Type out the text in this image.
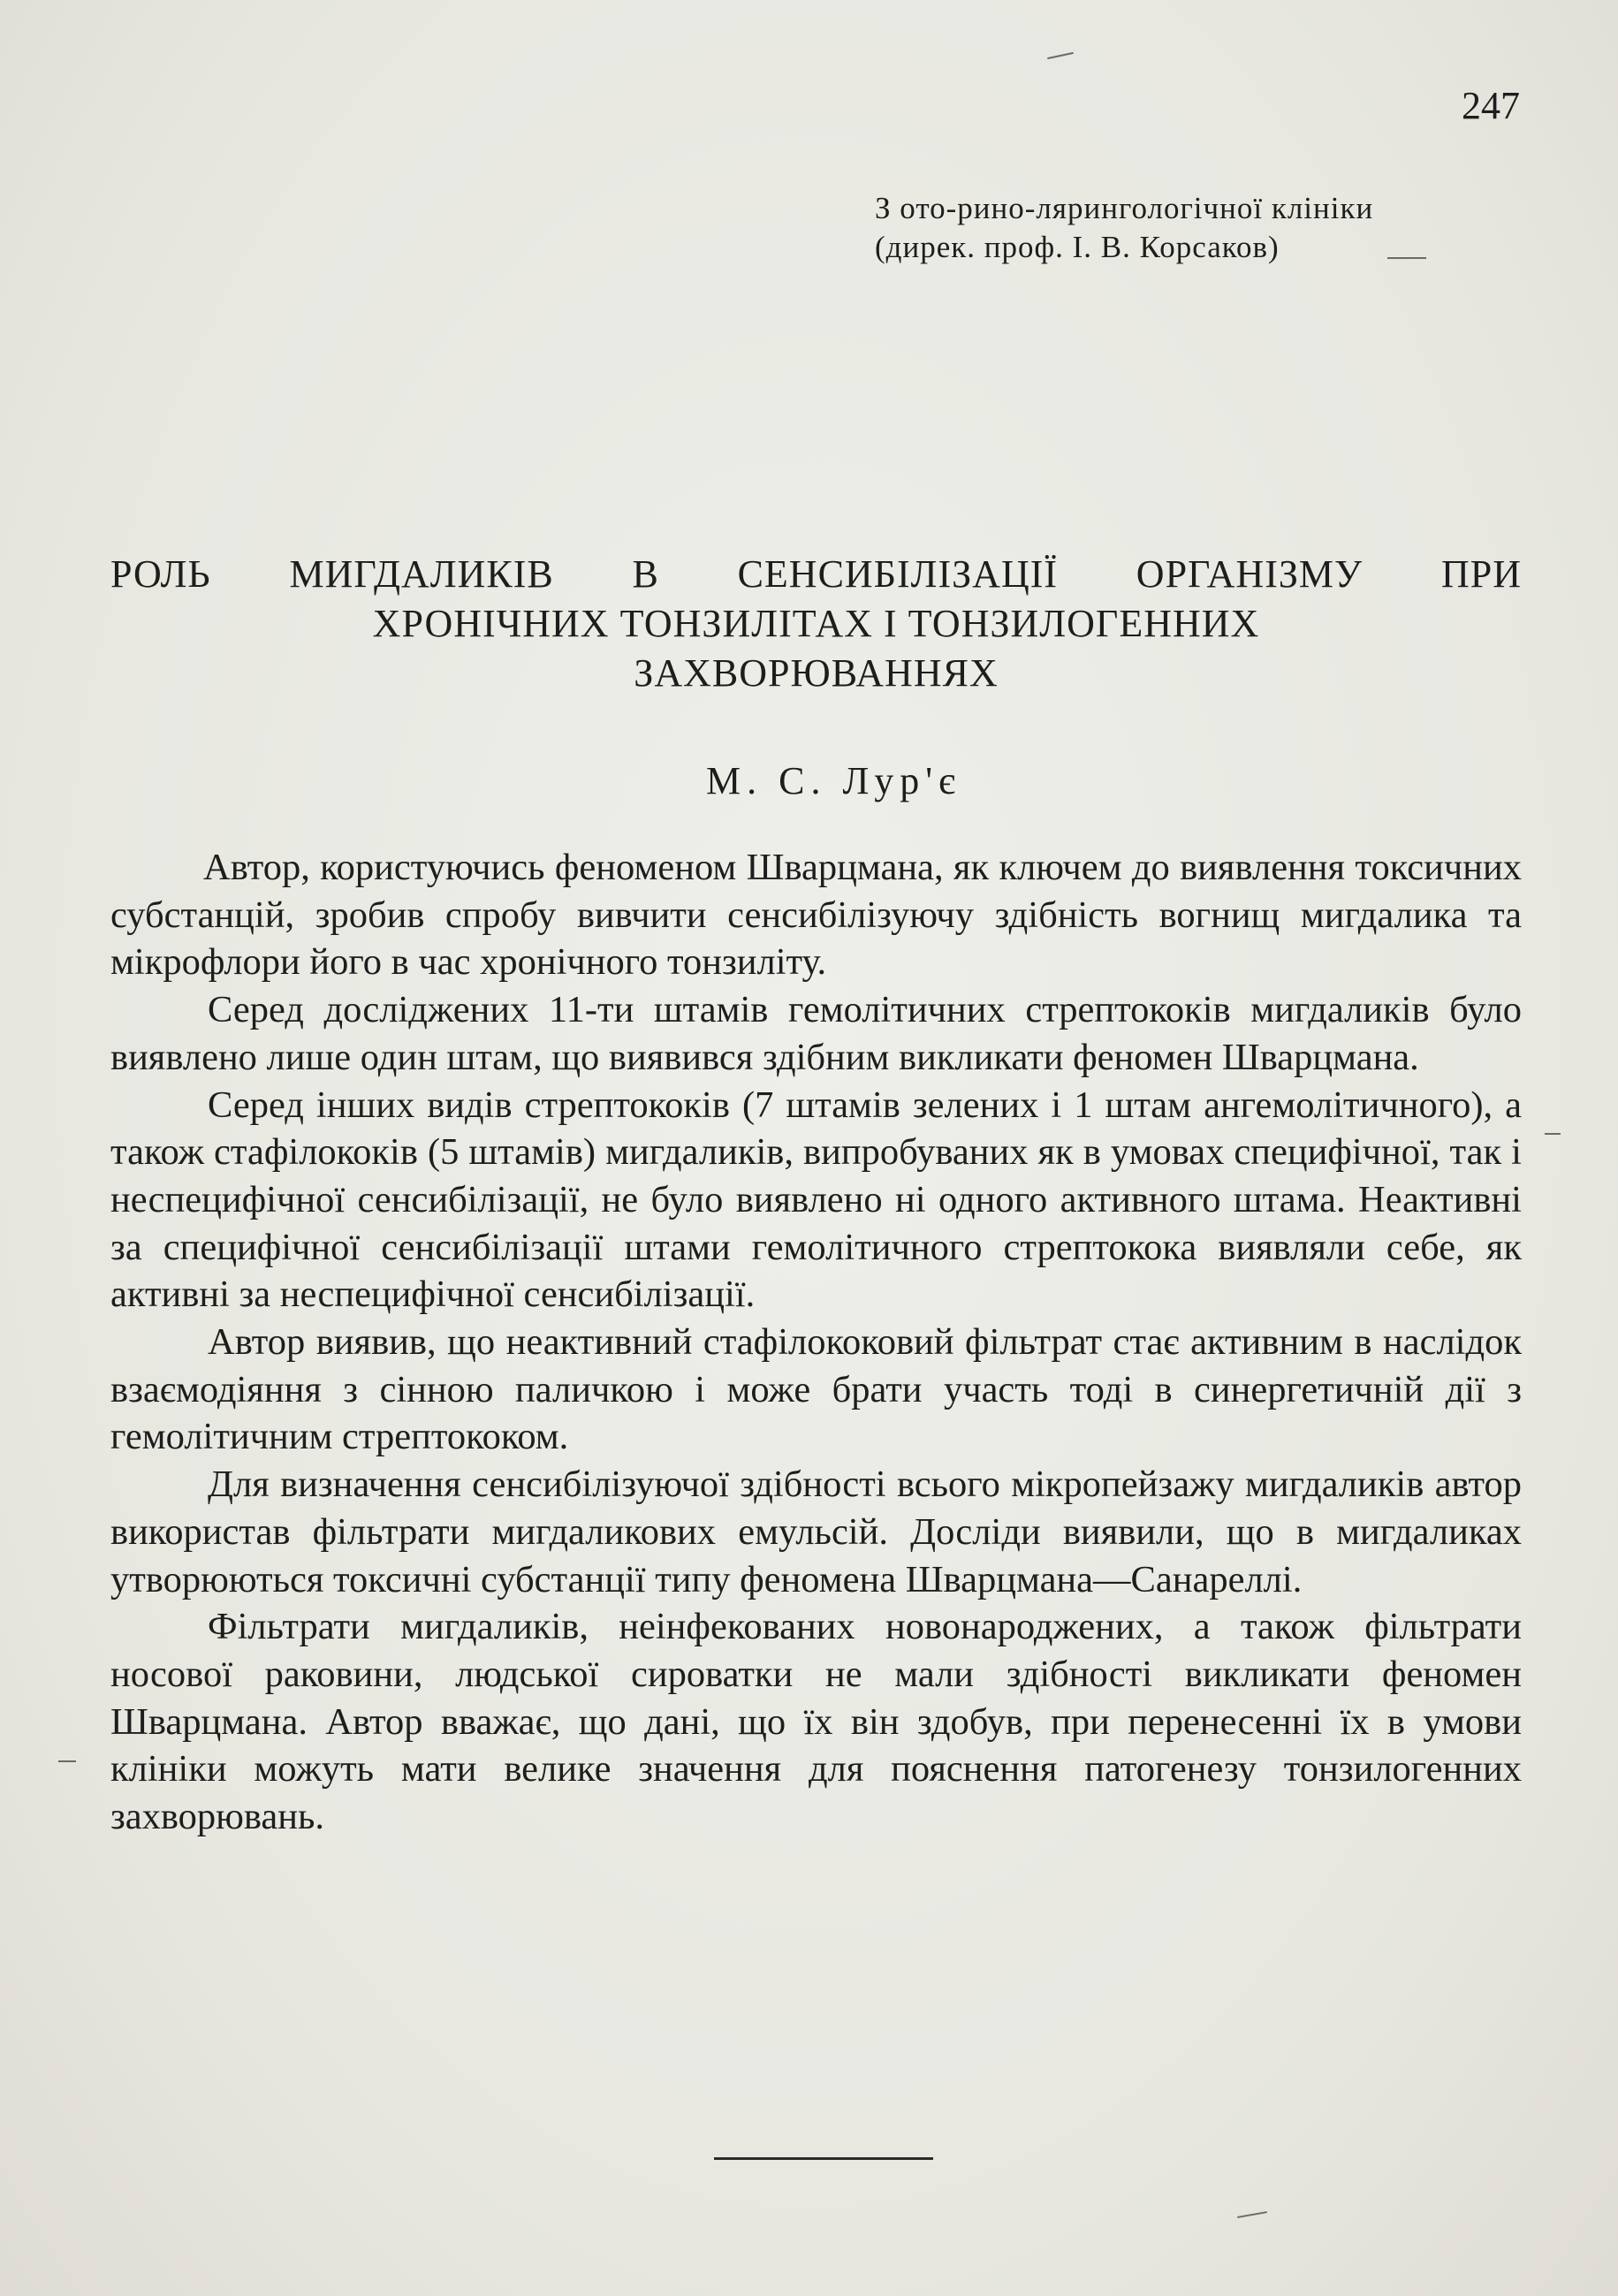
247
З ото-рино-лярингологічної клініки
(дирек. проф. І. В. Корсаков)
РОЛЬ МИГДАЛИКІВ В СЕНСИБІЛІЗАЦІЇ ОРГАНІЗМУ ПРИ
ХРОНІЧНИХ ТОНЗИЛІТАХ І ТОНЗИЛОГЕННИХ
ЗАХВОРЮВАННЯХ
М. С. Лур'є

Автор, користуючись феноменом Шварцмана, як ключем до виявлення токсичних субстанцій, зробив спробу вивчити сенсибілізуючу здібність вогнищ мигдалика та мікрофлори його в час хронічного тонзиліту.

Серед досліджених 11-ти штамів гемолітичних стрептококів мигдаликів було виявлено лише один штам, що виявився здібним викликати феномен Шварцмана.

Серед інших видів стрептококів (7 штамів зелених і 1 штам ангемолітичного), а також стафілококів (5 штамів) мигдаликів, випробуваних як в умовах специфічної, так і неспецифічної сенсибілізації, не було виявлено ні одного активного штама. Неактивні за специфічної сенсибілізації штами гемолітичного стрептокока виявляли себе, як активні за неспецифічної сенсибілізації.

Автор виявив, що неактивний стафілококовий фільтрат стає активним в наслідок взаємодіяння з сінною паличкою і може брати участь тоді в синергетичній дії з гемолітичним стрептококом.

Для визначення сенсибілізуючої здібності всього мікропейзажу мигдаликів автор використав фільтрати мигдаликових емульсій. Досліди виявили, що в мигдаликах утворюються токсичні субстанції типу феномена Шварцмана—Санареллі.

Фільтрати мигдаликів, неінфекованих новонароджених, а також фільтрати носової раковини, людської сироватки не мали здібності викликати феномен Шварцмана. Автор вважає, що дані, що їх він здобув, при перенесенні їх в умови клініки можуть мати велике значення для пояснення патогенезу тонзилогенних захворювань.
